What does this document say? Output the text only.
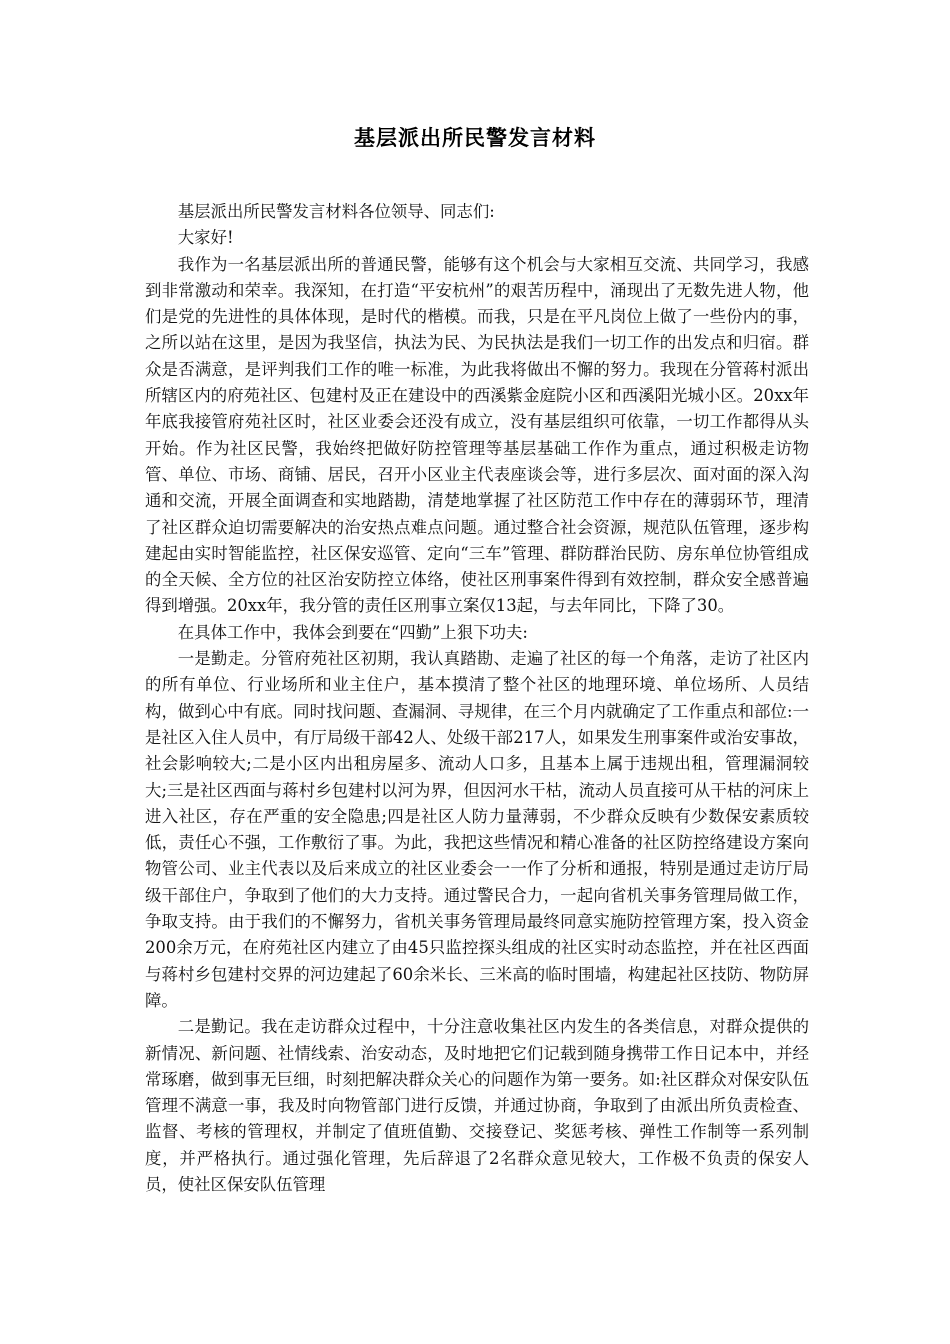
基层派出所民警发言材料

基层派出所民警发言材料各位领导、同志们:

大家好!

我作为一名基层派出所的普通民警，能够有这个机会与大家相互交流、共同学习，我感到非常激动和荣幸。我深知，在打造“平安杭州”的艰苦历程中，涌现出了无数先进人物，他们是党的先进性的具体体现，是时代的楷模。而我，只是在平凡岗位上做了一些份内的事，之所以站在这里，是因为我坚信，执法为民、为民执法是我们一切工作的出发点和归宿。群众是否满意，是评判我们工作的唯一标准，为此我将做出不懈的努力。我现在分管蒋村派出所辖区内的府苑社区、包建村及正在建设中的西溪紫金庭院小区和西溪阳光城小区。20xx年年底我接管府苑社区时，社区业委会还没有成立，没有基层组织可依靠，一切工作都得从头开始。作为社区民警，我始终把做好防控管理等基层基础工作作为重点，通过积极走访物管、单位、市场、商铺、居民，召开小区业主代表座谈会等，进行多层次、面对面的深入沟通和交流，开展全面调查和实地踏勘，清楚地掌握了社区防范工作中存在的薄弱环节，理清了社区群众迫切需要解决的治安热点难点问题。通过整合社会资源，规范队伍管理，逐步构建起由实时智能监控，社区保安巡管、定向“三车”管理、群防群治民防、房东单位协管组成的全天候、全方位的社区治安防控立体络，使社区刑事案件得到有效控制，群众安全感普遍得到增强。20xx年，我分管的责任区刑事立案仅13起，与去年同比，下降了30。

在具体工作中，我体会到要在“四勤”上狠下功夫:

一是勤走。分管府苑社区初期，我认真踏勘、走遍了社区的每一个角落，走访了社区内的所有单位、行业场所和业主住户，基本摸清了整个社区的地理环境、单位场所、人员结构，做到心中有底。同时找问题、查漏洞、寻规律，在三个月内就确定了工作重点和部位:一是社区入住人员中，有厅局级干部42人、处级干部217人，如果发生刑事案件或治安事故，社会影响较大;二是小区内出租房屋多、流动人口多，且基本上属于违规出租，管理漏洞较大;三是社区西面与蒋村乡包建村以河为界，但因河水干枯，流动人员直接可从干枯的河床上进入社区，存在严重的安全隐患;四是社区人防力量薄弱，不少群众反映有少数保安素质较低，责任心不强，工作敷衍了事。为此，我把这些情况和精心准备的社区防控络建设方案向物管公司、业主代表以及后来成立的社区业委会一一作了分析和通报，特别是通过走访厅局级干部住户，争取到了他们的大力支持。通过警民合力，一起向省机关事务管理局做工作，争取支持。由于我们的不懈努力，省机关事务管理局最终同意实施防控管理方案，投入资金200余万元，在府苑社区内建立了由45只监控探头组成的社区实时动态监控，并在社区西面与蒋村乡包建村交界的河边建起了60余米长、三米高的临时围墙，构建起社区技防、物防屏障。

二是勤记。我在走访群众过程中，十分注意收集社区内发生的各类信息，对群众提供的新情况、新问题、社情线索、治安动态，及时地把它们记载到随身携带工作日记本中，并经常琢磨，做到事无巨细，时刻把解决群众关心的问题作为第一要务。如:社区群众对保安队伍管理不满意一事，我及时向物管部门进行反馈，并通过协商，争取到了由派出所负责检查、监督、考核的管理权，并制定了值班值勤、交接登记、奖惩考核、弹性工作制等一系列制度，并严格执行。通过强化管理，先后辞退了2名群众意见较大，工作极不负责的保安人员，使社区保安队伍管理
